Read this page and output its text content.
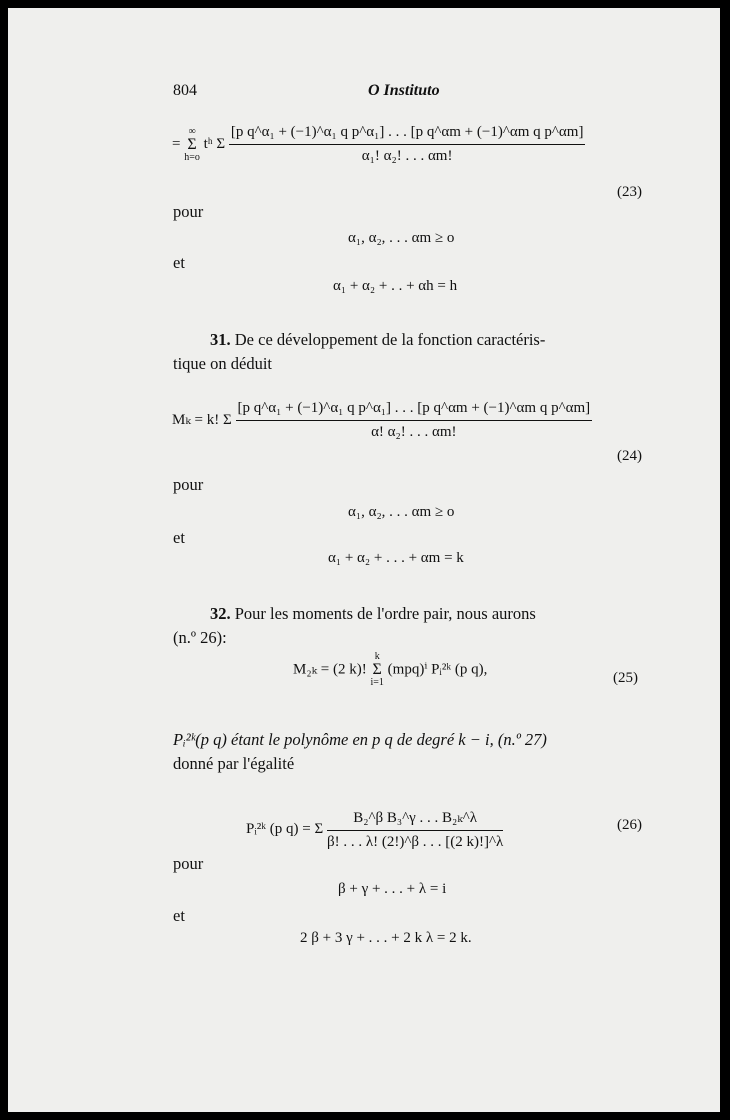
804	O Instituto
=
∞
Σ
h=o
tʰ Σ $\frac{\text{[p q\textasciicircum{}α₁ + (−1)\textasciicircum{}α₁ q p\textasciicircum{}α₁] . . . [p q\textasciicircum{}αm + (−1)\textasciicircum{}αm q p\textasciicircum{}αm]}}{\text{α₁! α₂! . . . αm!}}$
(23)
pour
α₁, α₂, . . . αm ≥ o
et
α₁ + α₂ + . . + αh = h
31. De ce développement de la fonction caractéris-
tique on déduit
Mₖ = k! Σ $\frac{\text{[p q\textasciicircum{}α₁ + (−1)\textasciicircum{}α₁ q p\textasciicircum{}α₁] . . . [p q\textasciicircum{}αm + (−1)\textasciicircum{}αm q p\textasciicircum{}αm]}}{\text{α! α₂! . . . αm!}}$
(24)
pour
α₁, α₂, . . . αm ≥ o
et
α₁ + α₂ + . . . + αm = k
32. Pour les moments de l'ordre pair, nous aurons
(n.º 26):
M₂ₖ = (2 k)!
k
Σ
i=1
(mpq)ⁱ Pᵢ²ᵏ (p q),
(25)
Pᵢ²ᵏ(p q) étant le polynôme en p q de degré k − i, (n.º 27)
donné par l'égalité
Pᵢ²ᵏ (p q) = Σ $\frac{\text{B₂\textasciicircum{}β B₃\textasciicircum{}γ . . . B₂ₖ\textasciicircum{}λ}}{\beta! . . . \lambda! (2!)\^{}\beta . . . [(2 k)!]\^{}\lambda}$	(26)
pour
β + γ + . . . + λ = i
et
2 β + 3 γ + . . . + 2 k λ = 2 k.
